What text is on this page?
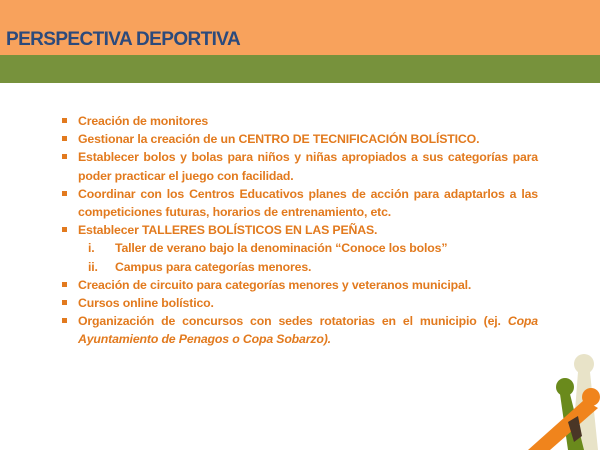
PERSPECTIVA DEPORTIVA
Creación de monitores
Gestionar la creación de un CENTRO DE TECNIFICACIÓN BOLÍSTICO.
Establecer bolos y bolas para niños y niñas apropiados a sus categorías para poder practicar el juego con facilidad.
Coordinar con los Centros Educativos planes de acción para adaptarlos a las competiciones futuras, horarios de entrenamiento, etc.
Establecer TALLERES BOLÍSTICOS EN LAS PEÑAS.
i. Taller de verano bajo la denominación “Conoce los bolos”
ii. Campus para categorías menores.
Creación de circuito para categorías menores y veteranos municipal.
Cursos online bolístico.
Organización de concursos con sedes rotatorias en el municipio (ej. Copa Ayuntamiento de Penagos o Copa Sobarzo).
